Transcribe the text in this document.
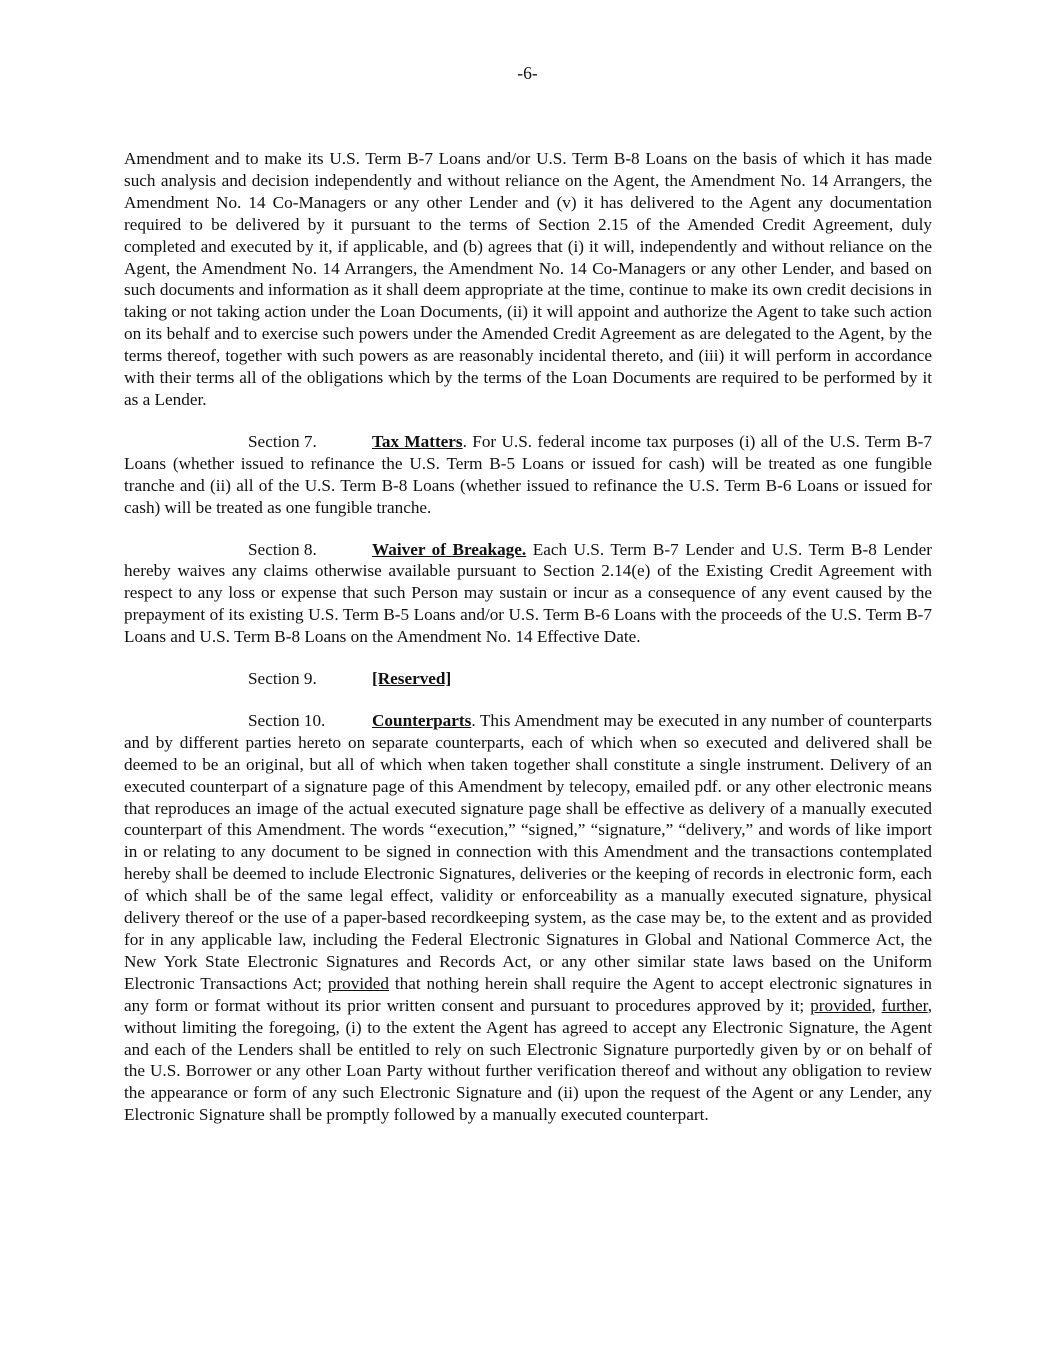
-6-

Amendment and to make its U.S. Term B-7 Loans and/or U.S. Term B-8 Loans on the basis of which it has made such analysis and decision independently and without reliance on the Agent, the Amendment No. 14 Arrangers, the Amendment No. 14 Co-Managers or any other Lender and (v) it has delivered to the Agent any documentation required to be delivered by it pursuant to the terms of Section 2.15 of the Amended Credit Agreement, duly completed and executed by it, if applicable, and (b) agrees that (i) it will, independently and without reliance on the Agent, the Amendment No. 14 Arrangers, the Amendment No. 14 Co-Managers or any other Lender, and based on such documents and information as it shall deem appropriate at the time, continue to make its own credit decisions in taking or not taking action under the Loan Documents, (ii) it will appoint and authorize the Agent to take such action on its behalf and to exercise such powers under the Amended Credit Agreement as are delegated to the Agent, by the terms thereof, together with such powers as are reasonably incidental thereto, and (iii) it will perform in accordance with their terms all of the obligations which by the terms of the Loan Documents are required to be performed by it as a Lender.

Section 7.	Tax Matters. For U.S. federal income tax purposes (i) all of the U.S. Term B-7 Loans (whether issued to refinance the U.S. Term B-5 Loans or issued for cash) will be treated as one fungible tranche and (ii) all of the U.S. Term B-8 Loans (whether issued to refinance the U.S. Term B-6 Loans or issued for cash) will be treated as one fungible tranche.

Section 8.	Waiver of Breakage. Each U.S. Term B-7 Lender and U.S. Term B-8 Lender hereby waives any claims otherwise available pursuant to Section 2.14(e) of the Existing Credit Agreement with respect to any loss or expense that such Person may sustain or incur as a consequence of any event caused by the prepayment of its existing U.S. Term B-5 Loans and/or U.S. Term B-6 Loans with the proceeds of the U.S. Term B-7 Loans and U.S. Term B-8 Loans on the Amendment No. 14 Effective Date.

Section 9.	[Reserved]

Section 10.	Counterparts. This Amendment may be executed in any number of counterparts and by different parties hereto on separate counterparts, each of which when so executed and delivered shall be deemed to be an original, but all of which when taken together shall constitute a single instrument. Delivery of an executed counterpart of a signature page of this Amendment by telecopy, emailed pdf. or any other electronic means that reproduces an image of the actual executed signature page shall be effective as delivery of a manually executed counterpart of this Amendment. The words “execution,” “signed,” “signature,” “delivery,” and words of like import in or relating to any document to be signed in connection with this Amendment and the transactions contemplated hereby shall be deemed to include Electronic Signatures, deliveries or the keeping of records in electronic form, each of which shall be of the same legal effect, validity or enforceability as a manually executed signature, physical delivery thereof or the use of a paper-based recordkeeping system, as the case may be, to the extent and as provided for in any applicable law, including the Federal Electronic Signatures in Global and National Commerce Act, the New York State Electronic Signatures and Records Act, or any other similar state laws based on the Uniform Electronic Transactions Act; provided that nothing herein shall require the Agent to accept electronic signatures in any form or format without its prior written consent and pursuant to procedures approved by it; provided, further, without limiting the foregoing, (i) to the extent the Agent has agreed to accept any Electronic Signature, the Agent and each of the Lenders shall be entitled to rely on such Electronic Signature purportedly given by or on behalf of the U.S. Borrower or any other Loan Party without further verification thereof and without any obligation to review the appearance or form of any such Electronic Signature and (ii) upon the request of the Agent or any Lender, any Electronic Signature shall be promptly followed by a manually executed counterpart.
